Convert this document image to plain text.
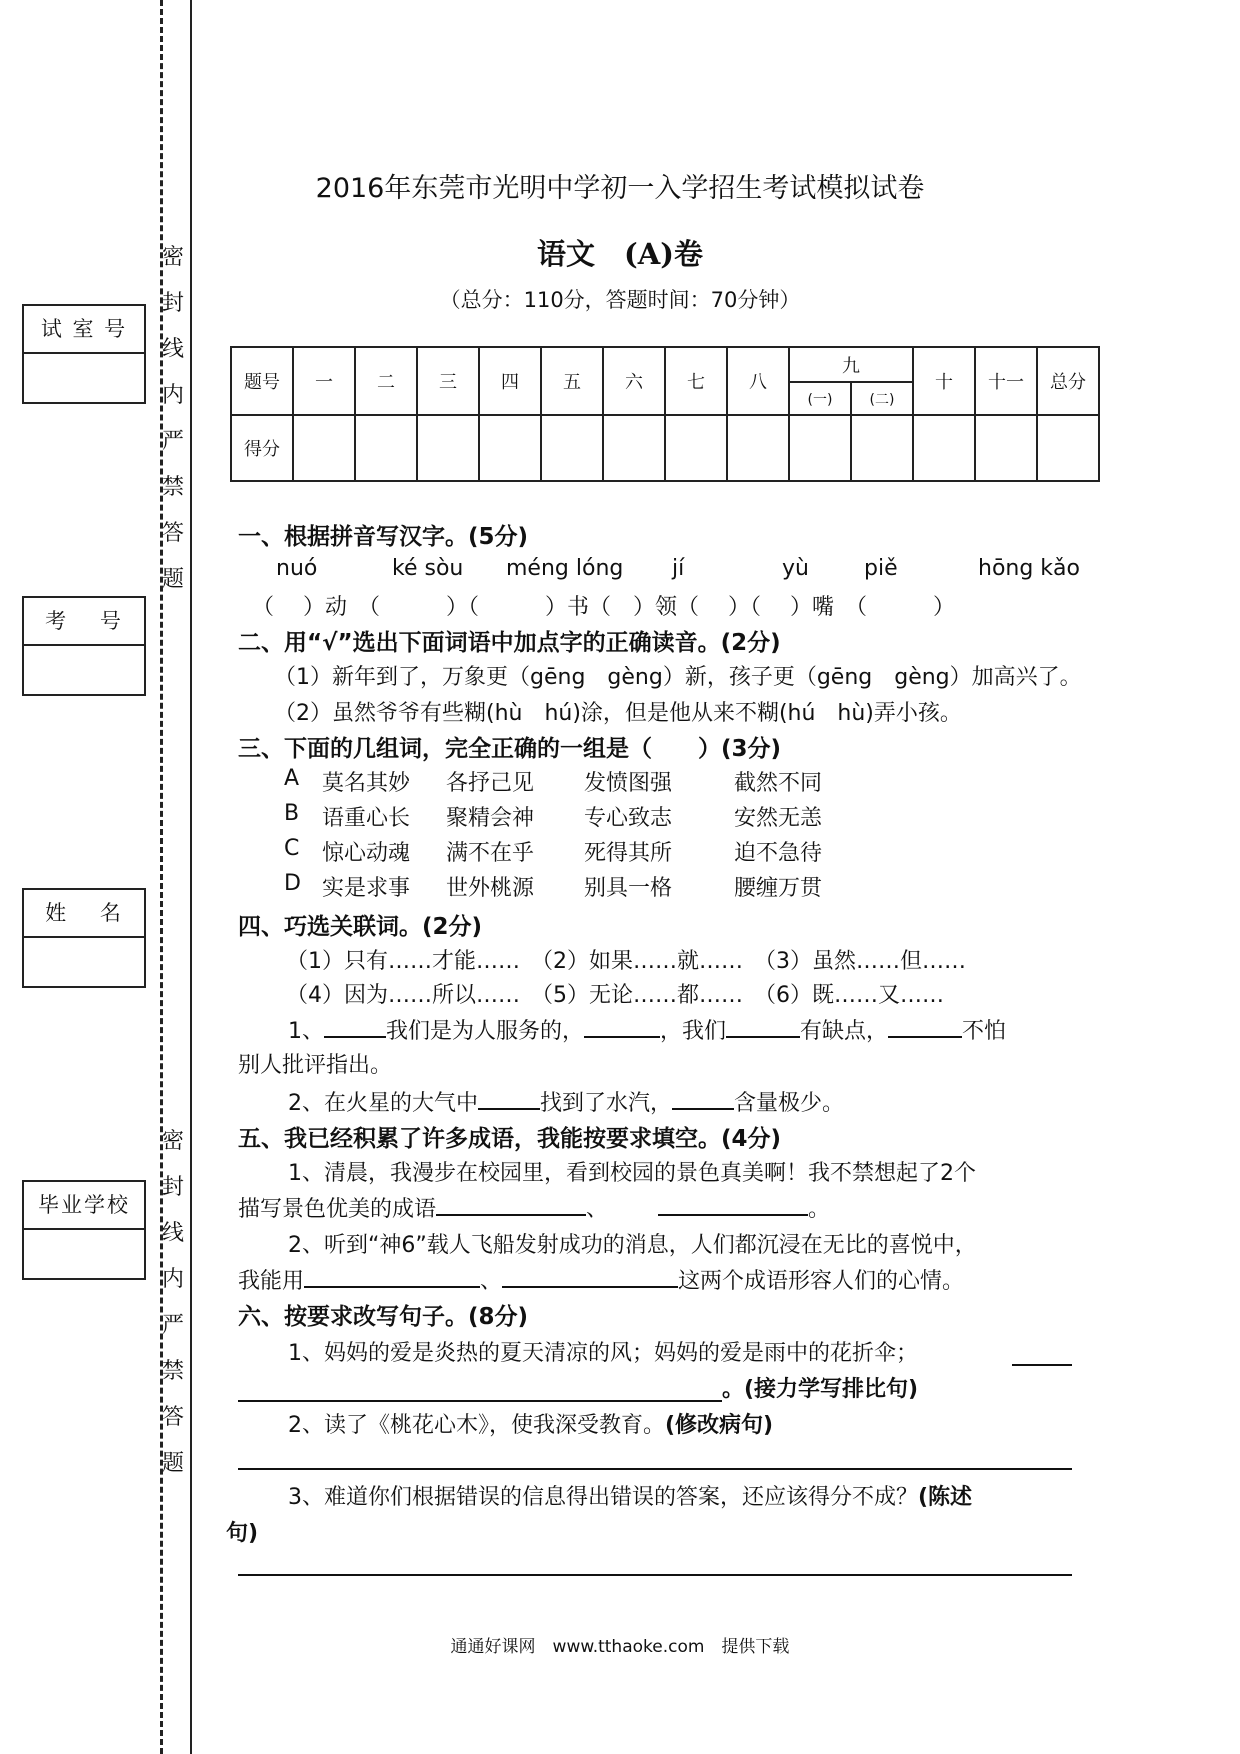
密
封
线
内
严
禁
答
题
密
封
线
内
严
禁
答
题
试 室 号
考　 号
姓　 名
毕业学校
2016年东莞市光明中学初一入学招生考试模拟试卷
语文　(A)卷
（总分：110分，答题时间：70分钟）
题号	一	二	三	四	五	六	七	八	九		十	十一	总分
									(一)	(二)			
得分													
一、根据拼音写汉字。(5分)
nuó	ké sòu méng lóng jí	yù	piě	hōng kǎo
（　 ）动　（　　　）（　　　）书（　）领（　 ）（　 ）嘴　（　　　）
二、用“√”选出下面词语中加点字的正确读音。(2分)
（1）新年到了，万象更（gēng　gèng）新，孩子更（gēng　gèng）加高兴了。
（2）虽然爷爷有些糊(hù　hú)涂，但是他从来不糊(hú　hù)弄小孩。
三、下面的几组词，完全正确的一组是（　　）(3分)
A 莫名其妙 各抒己见 发愤图强	截然不同
B 语重心长 聚精会神 专心致志	安然无恙
C 惊心动魂 满不在乎 死得其所	迫不急待
D 实是求事 世外桃源 别具一格	腰缠万贯
四、巧选关联词。(2分)
（1）只有……才能……　（2）如果……就……　（3）虽然……但……
（4）因为……所以……　（5）无论……都……　（6）既……又……
1、	我们是为人服务的，	，我们	有缺点，	不怕
别人批评指出。
2、在火星的大气中	找到了水汽，	含量极少。
五、我已经积累了许多成语，我能按要求填空。(4分)
1、清晨，我漫步在校园里，看到校园的景色真美啊！我不禁想起了2个
描写景色优美的成语	、	。
2、听到“神6”载人飞船发射成功的消息，人们都沉浸在无比的喜悦中，
我能用	、	这两个成语形容人们的心情。
六、按要求改写句子。(8分)
1、妈妈的爱是炎热的夏天清凉的风；妈妈的爱是雨中的花折伞；
。(接力学写排比句)
2、读了《桃花心木》，使我深受教育。(修改病句)
3、难道你们根据错误的信息得出错误的答案，还应该得分不成？(陈述
句)
通通好课网　www.tthaoke.com　提供下载
